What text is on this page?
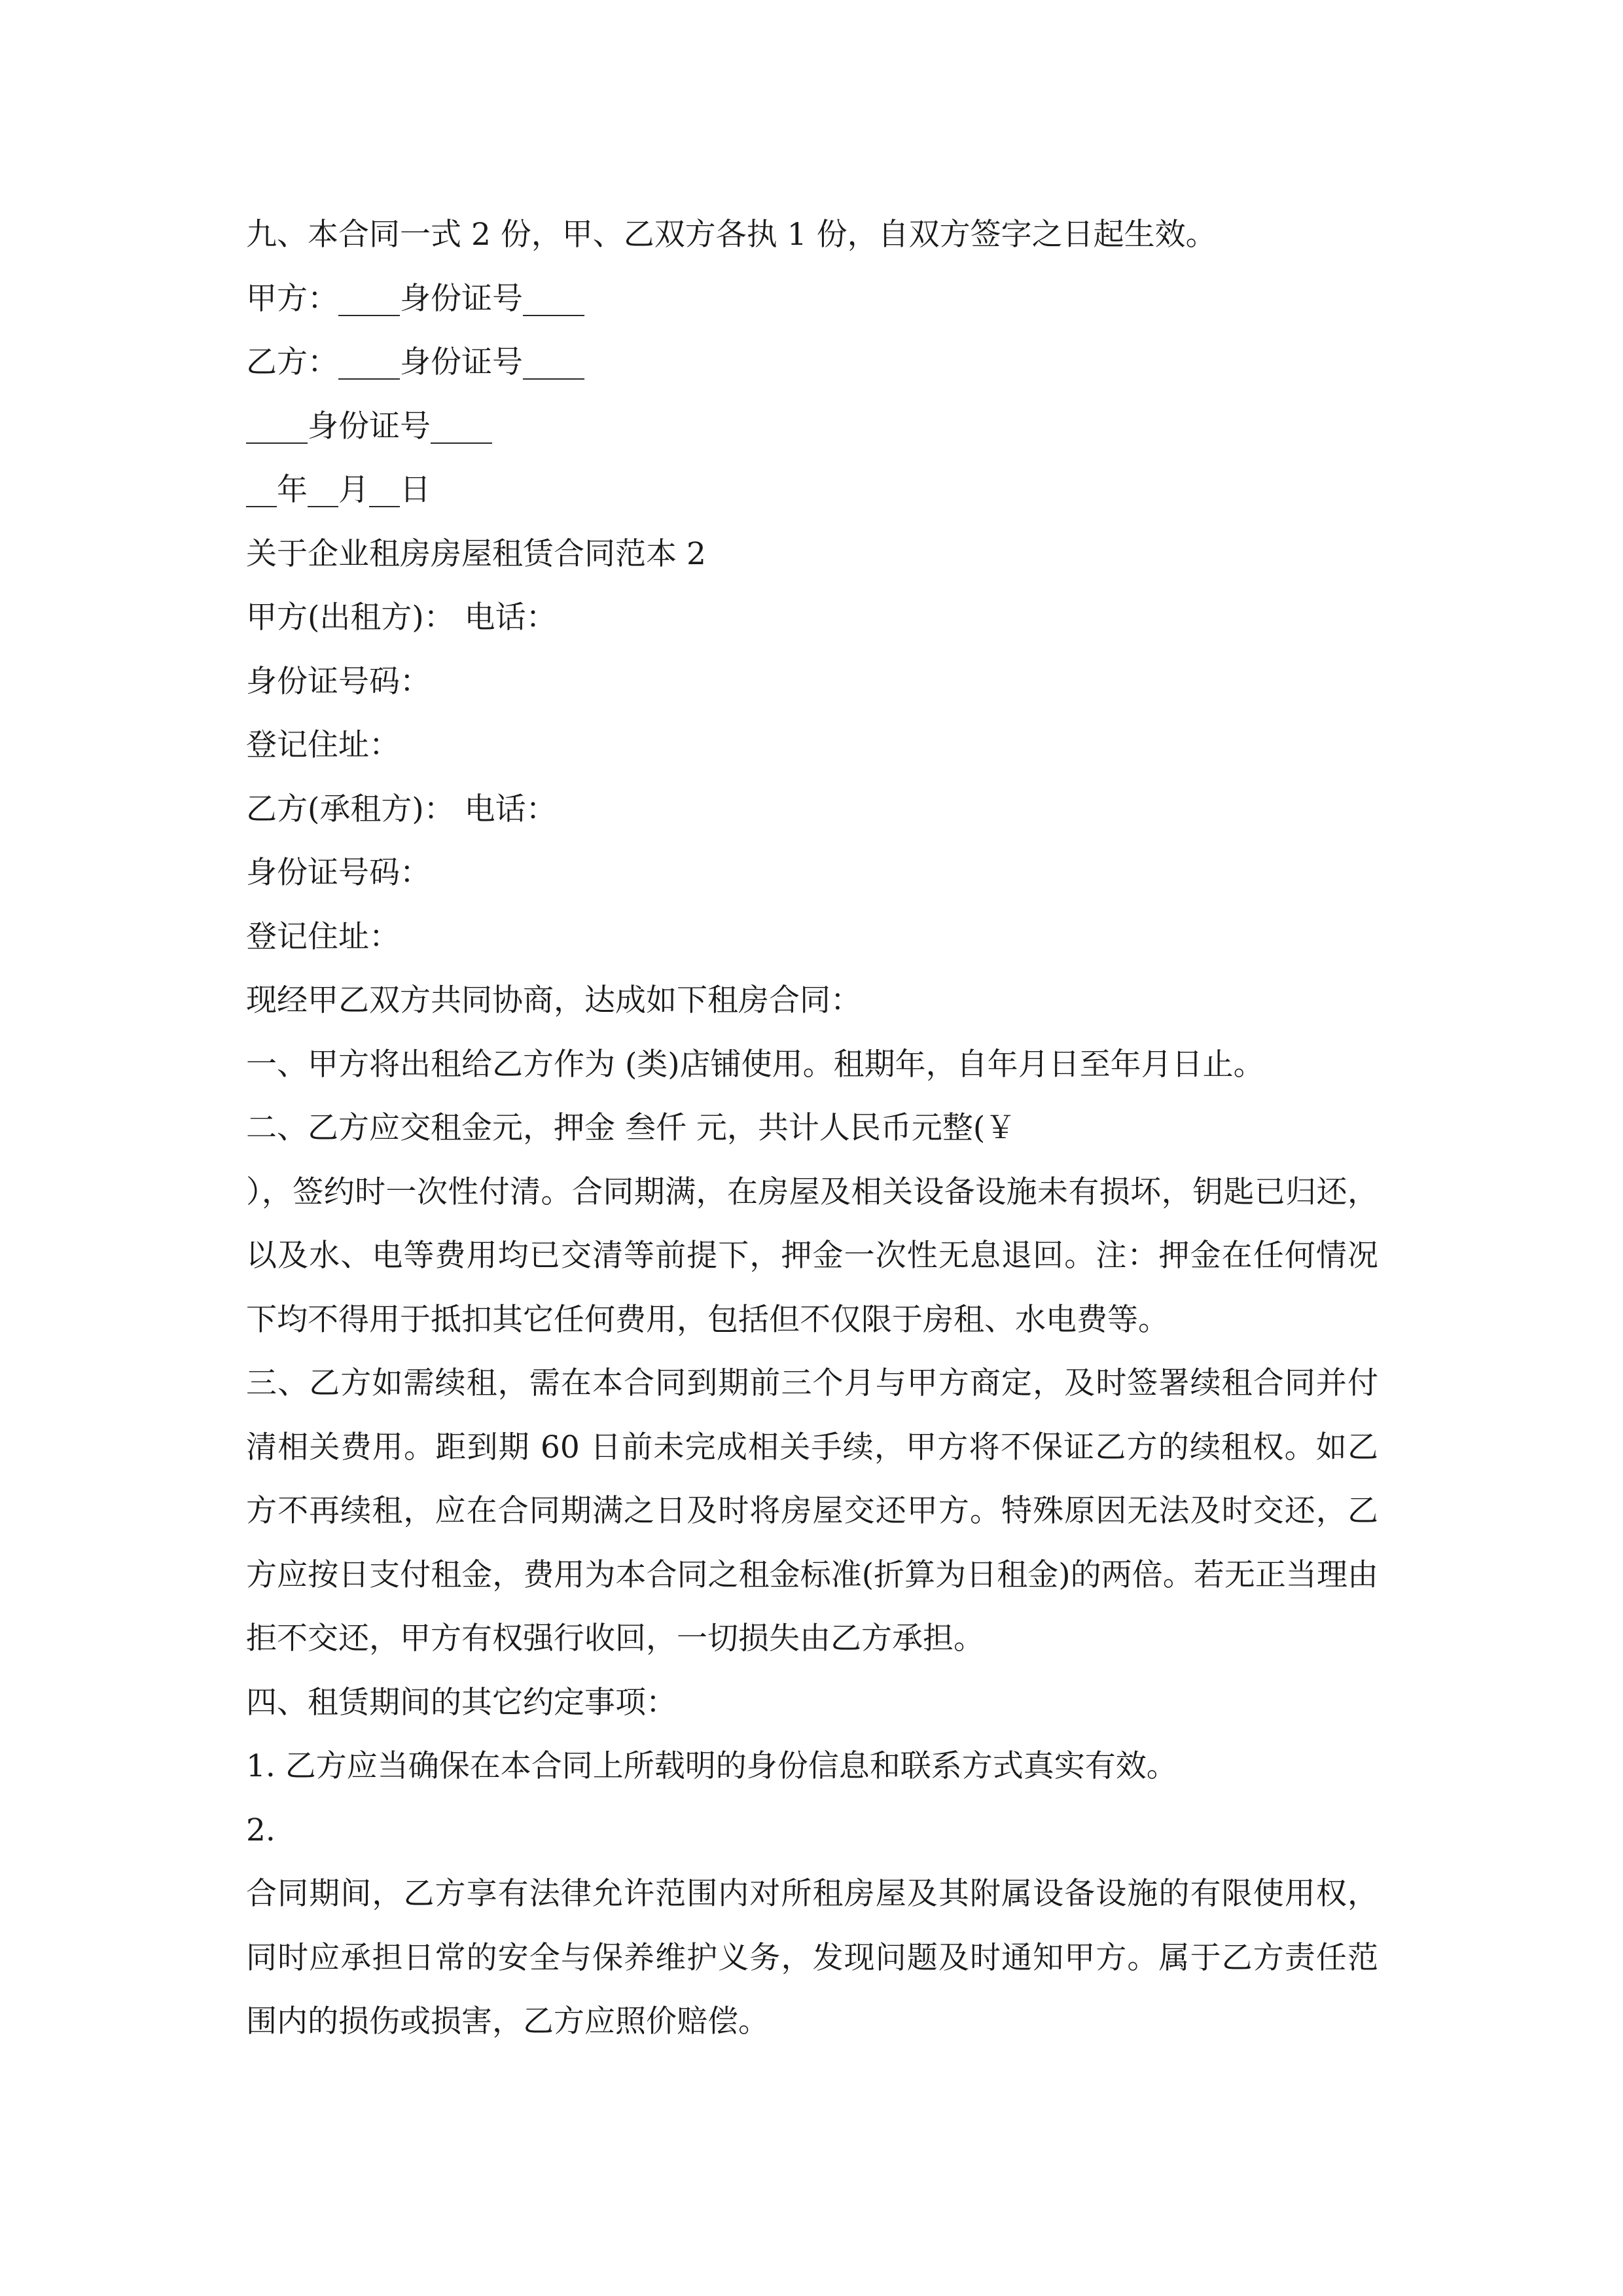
九、本合同一式 2 份，甲、乙双方各执 1 份，自双方签字之日起生效。
甲方：____身份证号____
乙方：____身份证号____
____身份证号____
__年__月__日
关于企业租房房屋租赁合同范本 2
甲方(出租方)： 电话：
身份证号码：
登记住址：
乙方(承租方)： 电话：
身份证号码：
登记住址：
现经甲乙双方共同协商，达成如下租房合同：
一、甲方将出租给乙方作为 (类)店铺使用。租期年，自年月日至年月日止。
二、乙方应交租金元，押金 叁仟 元，共计人民币元整(￥
），签约时一次性付清。合同期满，在房屋及相关设备设施未有损坏，钥匙已归还，以及水、电等费用均已交清等前提下，押金一次性无息退回。注：押金在任何情况下均不得用于抵扣其它任何费用，包括但不仅限于房租、水电费等。
三、乙方如需续租，需在本合同到期前三个月与甲方商定，及时签署续租合同并付清相关费用。距到期 60 日前未完成相关手续，甲方将不保证乙方的续租权。如乙方不再续租，应在合同期满之日及时将房屋交还甲方。特殊原因无法及时交还，乙方应按日支付租金，费用为本合同之租金标准(折算为日租金)的两倍。若无正当理由拒不交还，甲方有权强行收回，一切损失由乙方承担。
四、租赁期间的其它约定事项：
1. 乙方应当确保在本合同上所载明的身份信息和联系方式真实有效。
2.
合同期间，乙方享有法律允许范围内对所租房屋及其附属设备设施的有限使用权，同时应承担日常的安全与保养维护义务，发现问题及时通知甲方。属于乙方责任范围内的损伤或损害，乙方应照价赔偿。
